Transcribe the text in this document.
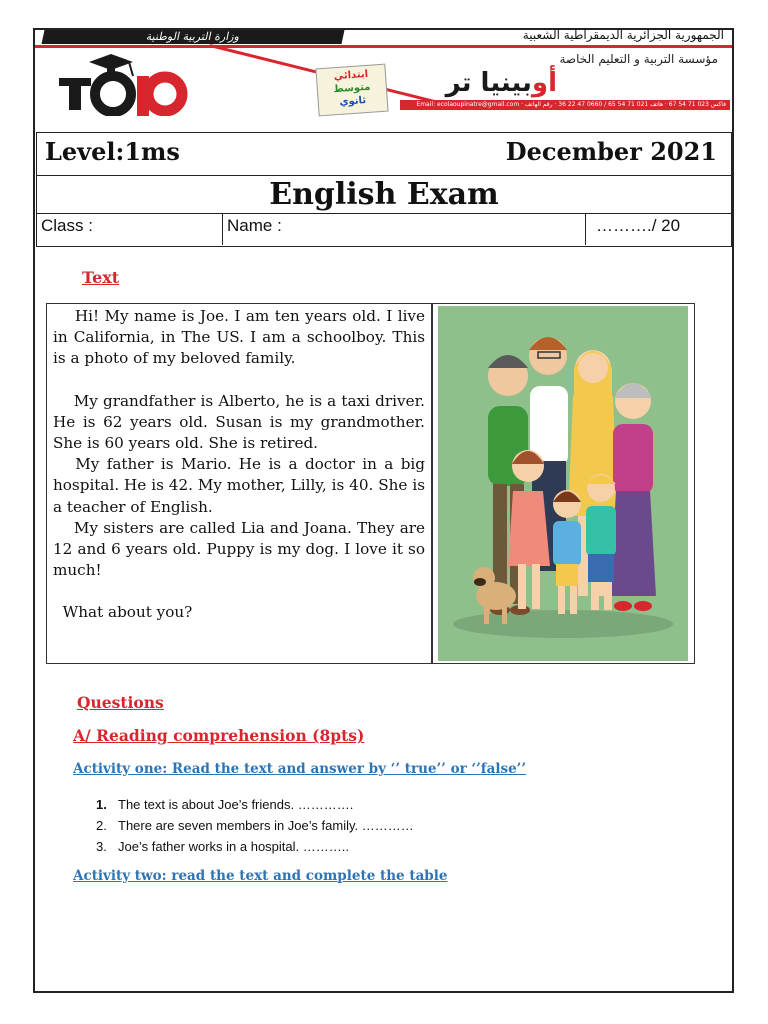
وزارة التربية الوطنية	الجمهورية الجزائرية الديمقراطية الشعبية
ابتدائي
متوسط
ثانوي
مؤسسة التربية و التعليم الخاصة
أوبينيا تر
Email: ecolaoupinatre@gmail.com · فاكس 023 71 54 67 · هاتف 021 71 54 65 / 0660 47 22 36 · رقم الهاتف
Level:1ms	December 2021
English Exam
Class :	Name :	………./ 20
Text

Hi! My name is Joe. I am ten years old. I live in California, in The US. I am a schoolboy. This is a photo of my beloved family.

My grandfather is Alberto, he is a taxi driver. He is 62 years old. Susan is my grandmother. She is 60 years old. She is retired.

My father is Mario. He is a doctor in a big hospital. He is 42. My mother, Lilly, is 40. She is a teacher of English.

My sisters are called Lia and Joana. They are 12 and 6 years old. Puppy is my dog. I love it so much!

What about you?

Questions
A/ Reading comprehension (8pts)
Activity one: Read the text and answer by ‘’ true’’ or ‘’false’’
1. The text is about Joe’s friends. ………….
2. There are seven members in Joe’s family. …………
3. Joe’s father works in a hospital. ………..
Activity two: read the text and complete the table
